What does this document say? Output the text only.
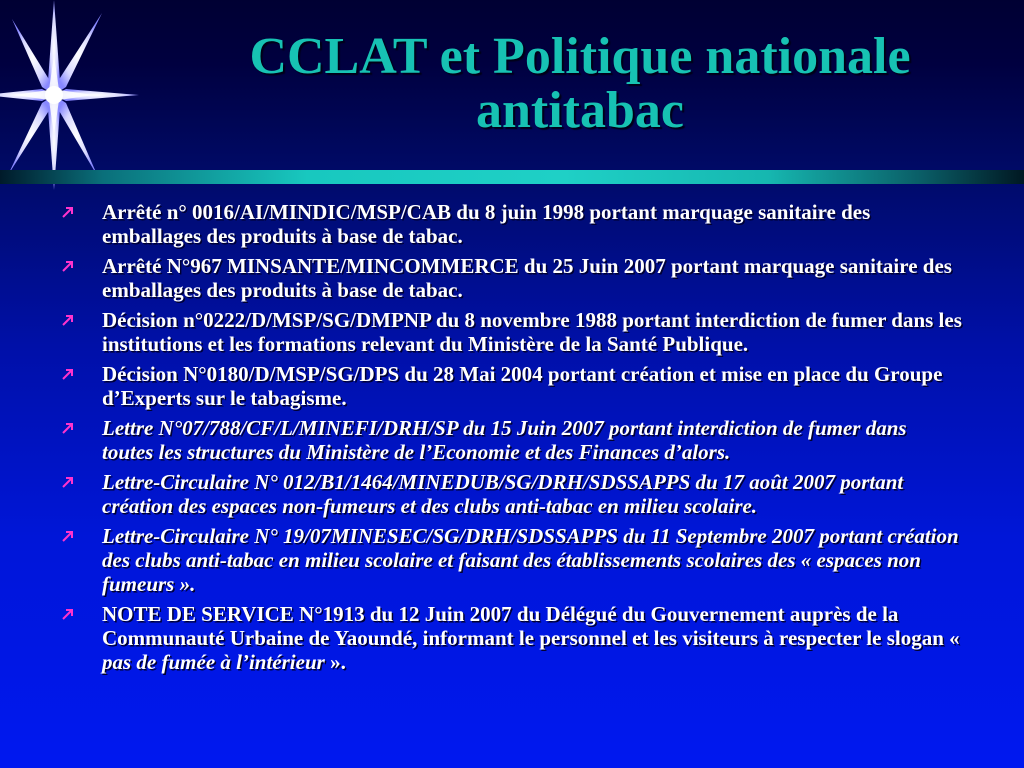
CCLAT et Politique nationale
antitabac
Arrêté n° 0016/AI/MINDIC/MSP/CAB du 8 juin 1998 portant marquage sanitaire des emballages des produits à base de tabac.
Arrêté N°967 MINSANTE/MINCOMMERCE du 25 Juin 2007 portant marquage sanitaire des emballages des produits à base de tabac.
Décision n°0222/D/MSP/SG/DMPNP du 8 novembre 1988 portant interdiction de fumer dans les institutions et les formations relevant du Ministère de la Santé Publique.
Décision N°0180/D/MSP/SG/DPS du 28 Mai 2004 portant création et mise en place du Groupe d’Experts sur le tabagisme.
Lettre N°07/788/CF/L/MINEFI/DRH/SP du 15 Juin 2007 portant interdiction de fumer dans toutes les structures du Ministère de l’Economie et des Finances d’alors.
Lettre-Circulaire N° 012/B1/1464/MINEDUB/SG/DRH/SDSSAPPS du 17 août 2007 portant création des espaces non-fumeurs et des clubs anti-tabac en milieu scolaire.
Lettre-Circulaire N° 19/07MINESEC/SG/DRH/SDSSAPPS du 11 Septembre 2007 portant création des clubs anti-tabac en milieu scolaire et faisant des établissements scolaires des « espaces non fumeurs ».
NOTE DE SERVICE N°1913 du 12 Juin 2007 du Délégué du Gouvernement auprès de la Communauté Urbaine de Yaoundé, informant le personnel et les visiteurs à respecter le slogan « pas de fumée à l’intérieur ».
